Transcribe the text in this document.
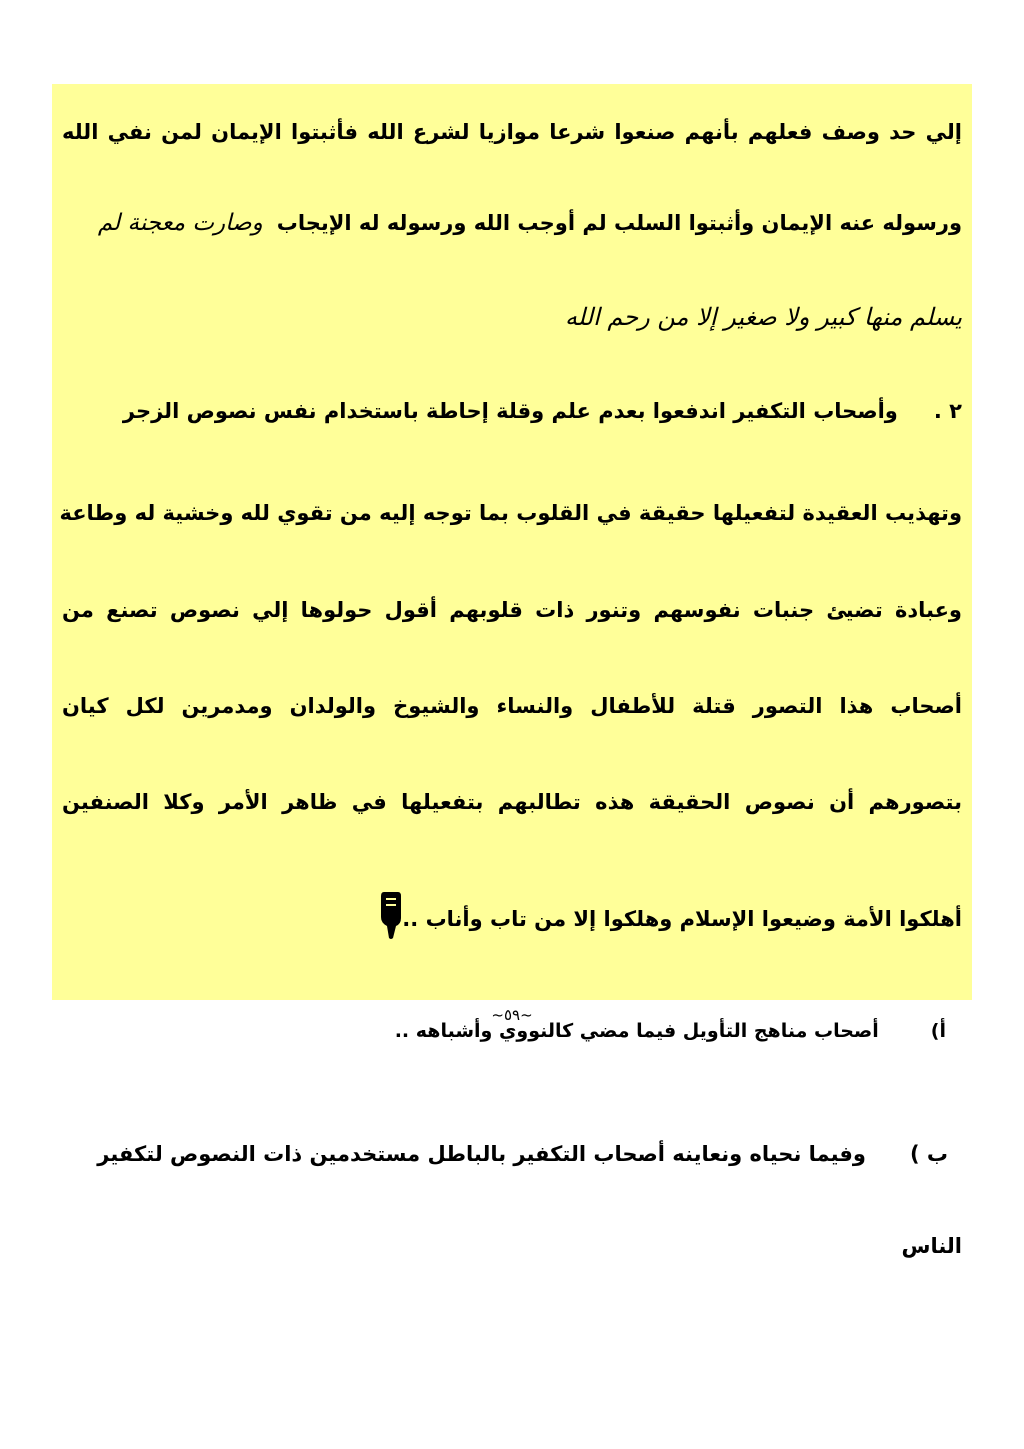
إلي حد وصف فعلهم بأنهم صنعوا شرعا موازيا لشرع الله فأثبتوا الإيمان لمن نفي الله
ورسوله عنه الإيمان وأثبتوا السلب لم أوجب الله ورسوله له الإيجابوصارت معجنة لم
يسلم منها كبير ولا صغير إلا من رحم الله
٢ .وأصحاب التكفير اندفعوا بعدم علم وقلة إحاطة باستخدام نفس نصوص الزجر
وتهذيب العقيدة لتفعيلها حقيقة في القلوب بما توجه إليه من تقوي لله وخشية له وطاعة
وعبادة تضيئ جنبات نفوسهم وتنور ذات قلوبهم أقول حولوها إلي نصوص تصنع من
أصحاب هذا التصور قتلة للأطفال والنساء والشيوخ والولدان ومدمرين لكل كيان
بتصورهم أن نصوص الحقيقة هذه تطالبهم بتفعيلها في ظاهر الأمر وكلا الصنفين
أهلكوا الأمة وضيعوا الإسلام وهلكوا إلا من تاب وأناب ..
أ)أصحاب مناهج التأويل فيما مضي كالنووي وأشباهه ..
ب )وفيما نحياه ونعاينه أصحاب التكفير بالباطل مستخدمين ذات النصوص لتكفير
الناس
~٥٩~
